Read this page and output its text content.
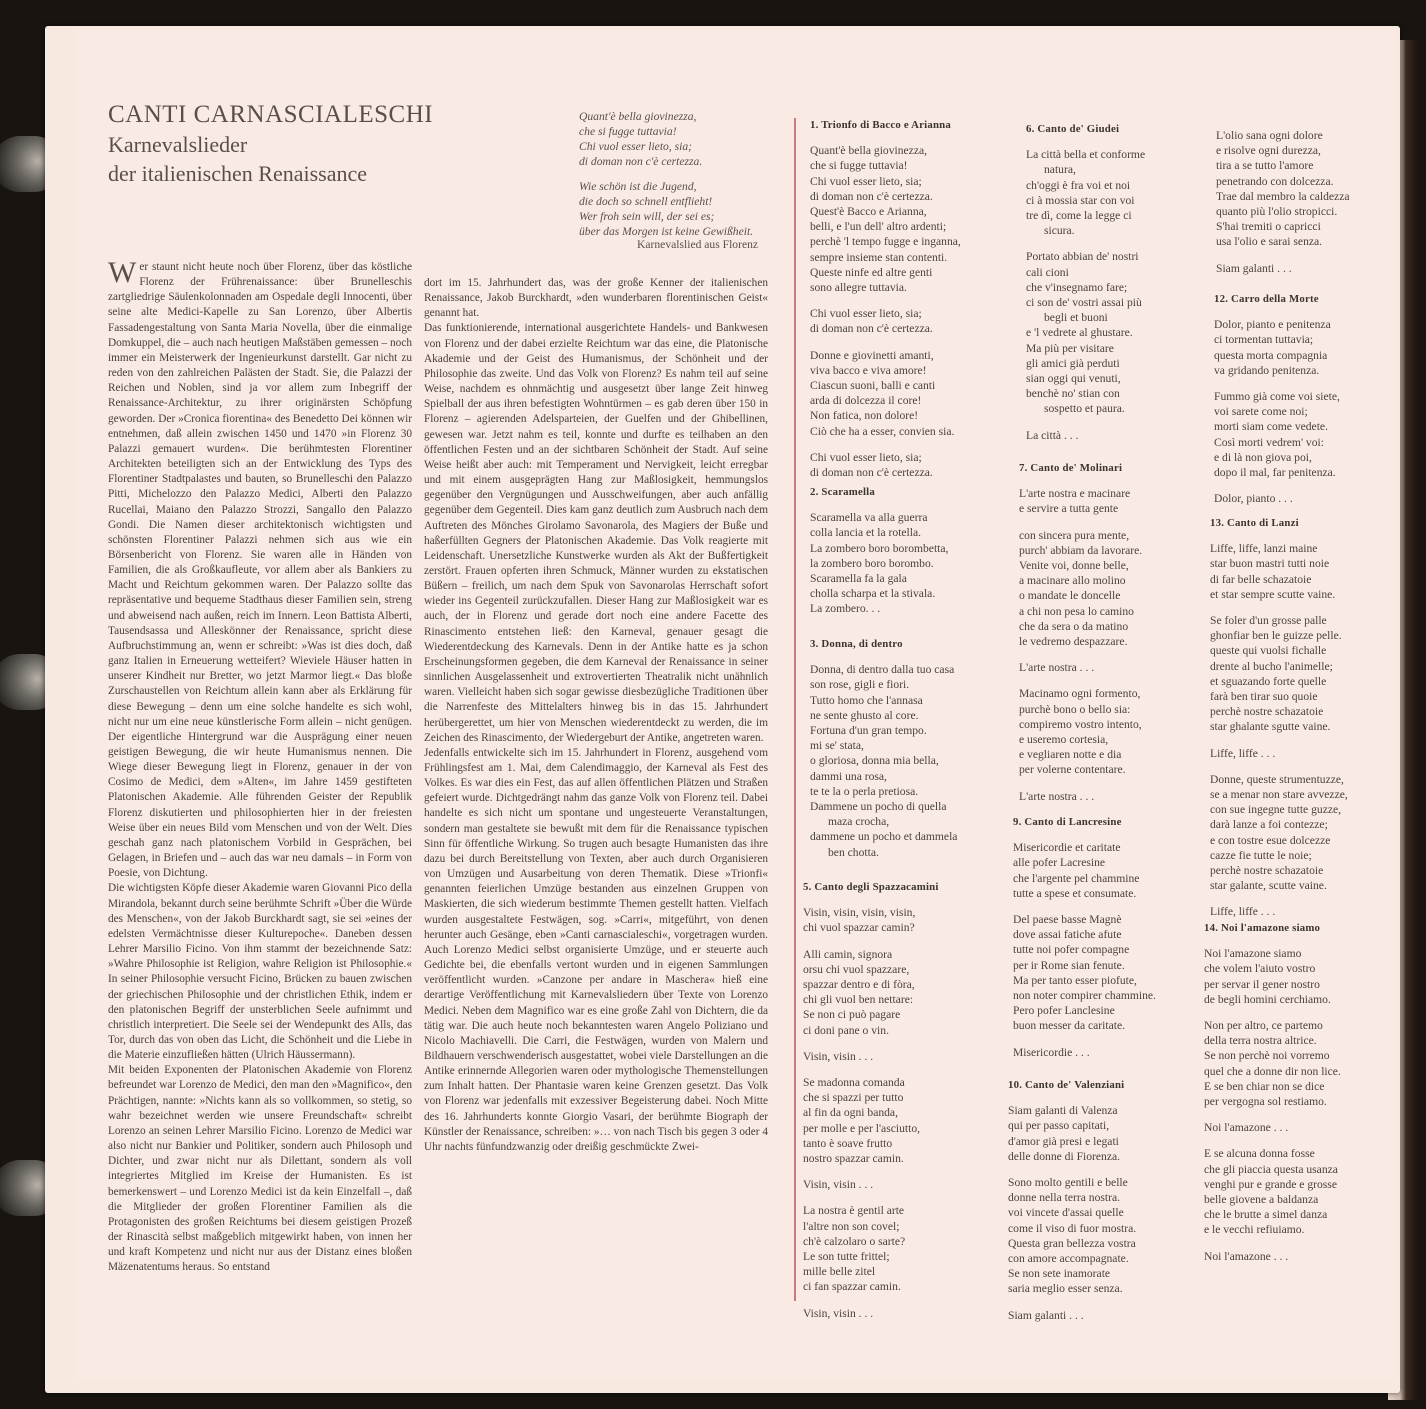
CANTI CARNASCIALESCHI
Karnevalslieder
der italienischen Renaissance
Quant'è bella giovinezza,
che si fugge tuttavia!
Chi vuol esser lieto, sia;
di doman non c'è certezza.
Wie schön ist die Jugend,
die doch so schnell entflieht!
Wer froh sein will, der sei es;
über das Morgen ist keine Gewißheit.
Karnevalslied aus Florenz

Wer staunt nicht heute noch über Florenz, über das köstliche Florenz der Frührenaissance: über Brunelleschis zartgliedrige Säulenkolonnaden am Ospedale degli Innocenti, über seine alte Medici-Kapelle zu San Lorenzo, über Albertis Fassadengestaltung von Santa Maria Novella, über die einmalige Domkuppel, die – auch nach heutigen Maßstäben gemessen – noch immer ein Meisterwerk der Ingenieurkunst darstellt. Gar nicht zu reden von den zahlreichen Palästen der Stadt. Sie, die Palazzi der Reichen und Noblen, sind ja vor allem zum Inbegriff der Renaissance-Architektur, zu ihrer originärsten Schöpfung geworden. Der »Cronica fiorentina« des Benedetto Dei können wir entnehmen, daß allein zwischen 1450 und 1470 »in Florenz 30 Palazzi gemauert wurden«. Die berühmtesten Florentiner Architekten beteiligten sich an der Entwicklung des Typs des Florentiner Stadtpalastes und bauten, so Brunelleschi den Palazzo Pitti, Michelozzo den Palazzo Medici, Alberti den Palazzo Rucellai, Maiano den Palazzo Strozzi, Sangallo den Palazzo Gondi. Die Namen dieser architektonisch wichtigsten und schönsten Florentiner Palazzi nehmen sich aus wie ein Börsenbericht von Florenz. Sie waren alle in Händen von Familien, die als Großkaufleute, vor allem aber als Bankiers zu Macht und Reichtum gekommen waren. Der Palazzo sollte das repräsentative und bequeme Stadthaus dieser Familien sein, streng und abweisend nach außen, reich im Innern. Leon Battista Alberti, Tausendsassa und Alleskönner der Renaissance, spricht diese Aufbruchstimmung an, wenn er schreibt: »Was ist dies doch, daß ganz Italien in Erneuerung wetteifert? Wieviele Häuser hatten in unserer Kindheit nur Bretter, wo jetzt Marmor liegt.« Das bloße Zurschaustellen von Reichtum allein kann aber als Erklärung für diese Bewegung – denn um eine solche handelte es sich wohl, nicht nur um eine neue künstlerische Form allein – nicht genügen. Der eigentliche Hintergrund war die Ausprägung einer neuen geistigen Bewegung, die wir heute Humanismus nennen. Die Wiege dieser Bewegung liegt in Florenz, genauer in der von Cosimo de Medici, dem »Alten«, im Jahre 1459 gestifteten Platonischen Akademie. Alle führenden Geister der Republik Florenz diskutierten und philosophierten hier in der freiesten Weise über ein neues Bild vom Menschen und von der Welt. Dies geschah ganz nach platonischem Vorbild in Gesprächen, bei Gelagen, in Briefen und – auch das war neu damals – in Form von Poesie, von Dichtung.

Die wichtigsten Köpfe dieser Akademie waren Giovanni Pico della Mirandola, bekannt durch seine berühmte Schrift »Über die Würde des Menschen«, von der Jakob Burckhardt sagt, sie sei »eines der edelsten Vermächtnisse dieser Kulturepoche«. Daneben dessen Lehrer Marsilio Ficino. Von ihm stammt der bezeichnende Satz: »Wahre Philosophie ist Religion, wahre Religion ist Philosophie.« In seiner Philosophie versucht Ficino, Brücken zu bauen zwischen der griechischen Philosophie und der christlichen Ethik, indem er den platonischen Begriff der unsterblichen Seele aufnimmt und christlich interpretiert. Die Seele sei der Wendepunkt des Alls, das Tor, durch das von oben das Licht, die Schönheit und die Liebe in die Materie einzufließen hätten (Ulrich Häussermann).

Mit beiden Exponenten der Platonischen Akademie von Florenz befreundet war Lorenzo de Medici, den man den »Magnifico«, den Prächtigen, nannte: »Nichts kann als so vollkommen, so stetig, so wahr bezeichnet werden wie unsere Freundschaft« schreibt Lorenzo an seinen Lehrer Marsilio Ficino. Lorenzo de Medici war also nicht nur Bankier und Politiker, sondern auch Philosoph und Dichter, und zwar nicht nur als Dilettant, sondern als voll integriertes Mitglied im Kreise der Humanisten. Es ist bemerkenswert – und Lorenzo Medici ist da kein Einzelfall –, daß die Mitglieder der großen Florentiner Familien als die Protagonisten des großen Reichtums bei diesem geistigen Prozeß der Rinascità selbst maßgeblich mitgewirkt haben, von innen her und kraft Kompetenz und nicht nur aus der Distanz eines bloßen Mäzenatentums heraus. So entstand

dort im 15. Jahrhundert das, was der große Kenner der italienischen Renaissance, Jakob Burckhardt, »den wunderbaren florentinischen Geist« genannt hat.

Das funktionierende, international ausgerichtete Handels- und Bankwesen von Florenz und der dabei erzielte Reichtum war das eine, die Platonische Akademie und der Geist des Humanismus, der Schönheit und der Philosophie das zweite. Und das Volk von Florenz? Es nahm teil auf seine Weise, nachdem es ohnmächtig und ausgesetzt über lange Zeit hinweg Spielball der aus ihren befestigten Wohntürmen – es gab deren über 150 in Florenz – agierenden Adelsparteien, der Guelfen und der Ghibellinen, gewesen war. Jetzt nahm es teil, konnte und durfte es teilhaben an den öffentlichen Festen und an der sichtbaren Schönheit der Stadt. Auf seine Weise heißt aber auch: mit Temperament und Nervigkeit, leicht erregbar und mit einem ausgeprägten Hang zur Maßlosigkeit, hemmungslos gegenüber den Vergnügungen und Ausschweifungen, aber auch anfällig gegenüber dem Gegenteil. Dies kam ganz deutlich zum Ausbruch nach dem Auftreten des Mönches Girolamo Savonarola, des Magiers der Buße und haßerfüllten Gegners der Platonischen Akademie. Das Volk reagierte mit Leidenschaft. Unersetzliche Kunstwerke wurden als Akt der Bußfertigkeit zerstört. Frauen opferten ihren Schmuck, Männer wurden zu ekstatischen Büßern – freilich, um nach dem Spuk von Savonarolas Herrschaft sofort wieder ins Gegenteil zurückzufallen. Dieser Hang zur Maßlosigkeit war es auch, der in Florenz und gerade dort noch eine andere Facette des Rinascimento entstehen ließ: den Karneval, genauer gesagt die Wiederentdeckung des Karnevals. Denn in der Antike hatte es ja schon Erscheinungsformen gegeben, die dem Karneval der Renaissance in seiner sinnlichen Ausgelassenheit und extrovertierten Theatralik nicht unähnlich waren. Vielleicht haben sich sogar gewisse diesbezügliche Traditionen über die Narrenfeste des Mittelalters hinweg bis in das 15. Jahrhundert herübergerettet, um hier von Menschen wiederentdeckt zu werden, die im Zeichen des Rinascimento, der Wiedergeburt der Antike, angetreten waren.

Jedenfalls entwickelte sich im 15. Jahrhundert in Florenz, ausgehend vom Frühlingsfest am 1. Mai, dem Calendimaggio, der Karneval als Fest des Volkes. Es war dies ein Fest, das auf allen öffentlichen Plätzen und Straßen gefeiert wurde. Dichtgedrängt nahm das ganze Volk von Florenz teil. Dabei handelte es sich nicht um spontane und ungesteuerte Veranstaltungen, sondern man gestaltete sie bewußt mit dem für die Renaissance typischen Sinn für öffentliche Wirkung. So trugen auch besagte Humanisten das ihre dazu bei durch Bereitstellung von Texten, aber auch durch Organisieren von Umzügen und Ausarbeitung von deren Thematik. Diese »Trionfi« genannten feierlichen Umzüge bestanden aus einzelnen Gruppen von Maskierten, die sich wiederum bestimmte Themen gestellt hatten. Vielfach wurden ausgestaltete Festwägen, sog. »Carri«, mitgeführt, von denen herunter auch Gesänge, eben »Canti carnascialeschi«, vorgetragen wurden. Auch Lorenzo Medici selbst organisierte Umzüge, und er steuerte auch Gedichte bei, die ebenfalls vertont wurden und in eigenen Sammlungen veröffentlicht wurden. »Canzone per andare in Maschera« hieß eine derartige Veröffentlichung mit Karnevalsliedern über Texte von Lorenzo Medici. Neben dem Magnifico war es eine große Zahl von Dichtern, die da tätig war. Die auch heute noch bekanntesten waren Angelo Poliziano und Nicolo Machiavelli. Die Carri, die Festwägen, wurden von Malern und Bildhauern verschwenderisch ausgestattet, wobei viele Darstellungen an die Antike erinnernde Allegorien waren oder mythologische Themenstellungen zum Inhalt hatten. Der Phantasie waren keine Grenzen gesetzt. Das Volk von Florenz war jedenfalls mit exzessiver Begeisterung dabei. Noch Mitte des 16. Jahrhunderts konnte Giorgio Vasari, der berühmte Biograph der Künstler der Renaissance, schreiben: »… von nach Tisch bis gegen 3 oder 4 Uhr nachts fünfundzwanzig oder dreißig geschmückte Zwei-

1. Trionfo di Bacco e Arianna
Quant'è bella giovinezza,
che si fugge tuttavia!
Chi vuol esser lieto, sia;
di doman non c'è certezza.
Quest'è Bacco e Arianna,
belli, e l'un dell' altro ardenti;
perchè 'l tempo fugge e inganna,
sempre insieme stan contenti.
Queste ninfe ed altre genti
sono allegre tuttavia.
Chi vuol esser lieto, sia;
di doman non c'è certezza.
Donne e giovinetti amanti,
viva bacco e viva amore!
Ciascun suoni, balli e canti
arda di dolcezza il core!
Non fatica, non dolore!
Ciò che ha a esser, convien sia.
Chi vuol esser lieto, sia;
di doman non c'è certezza.
2. Scaramella
Scaramella va alla guerra
colla lancia et la rotella.
La zombero boro borombetta,
la zombero boro borombo.
Scaramella fa la gala
cholla scharpa et la stivala.
La zombero. . .
3. Donna, di dentro
Donna, di dentro dalla tuo casa
son rose, gigli e fiori.
Tutto homo che l'annasa
ne sente ghusto al core.
Fortuna d'un gran tempo.
mi se' stata,
o gloriosa, donna mia bella,
dammi una rosa,
te te la o perla pretiosa.
Dammene un pocho di quella
maza crocha,
dammene un pocho et dammela
ben chotta.
5. Canto degli Spazzacamini
Visin, visin, visin, visin,
chi vuol spazzar camin?
Alli camin, signora
orsu chi vuol spazzare,
spazzar dentro e di fòra,
chi gli vuol ben nettare:
Se non ci può pagare
ci doni pane o vin.
Visin, visin . . .
Se madonna comanda
che si spazzi per tutto
al fin da ogni banda,
per molle e per l'asciutto,
tanto è soave frutto
nostro spazzar camin.
Visin, visin . . .
La nostra è gentil arte
l'altre non son covel;
ch'è calzolaro o sarte?
Le son tutte frittel;
mille belle zitel
ci fan spazzar camin.
Visin, visin . . .
6. Canto de' Giudei
La città bella et conforme
natura,
ch'oggi è fra voi et noi
ci à mossia star con voi
tre dì, come la legge ci
sicura.
Portato abbian de' nostri
cali cioni
che v'insegnamo fare;
ci son de' vostri assai più
begli et buoni
e 'l vedrete al ghustare.
Ma più per visitare
gli amici già perduti
sian oggi qui venuti,
benchè no' stian con
sospetto et paura.
La città . . .
7. Canto de' Molinari
L'arte nostra e macinare
e servire a tutta gente
con sincera pura mente,
purch' abbiam da lavorare.
Venite voi, donne belle,
a macinare allo molino
o mandate le doncelle
a chi non pesa lo camino
che da sera o da matino
le vedremo despazzare.
L'arte nostra . . .
Macinamo ogni formento,
purchè bono o bello sia:
compiremo vostro intento,
e useremo cortesia,
e vegliaren notte e dia
per volerne contentare.
L'arte nostra . . .
9. Canto di Lancresine
Misericordie et caritate
alle pofer Lacresine
che l'argente pel chammine
tutte a spese et consumate.
Del paese basse Magnè
dove assai fatiche afute
tutte noi pofer compagne
per ir Rome sian fenute.
Ma per tanto esser piofute,
non noter compirer chammine.
Pero pofer Lanclesine
buon messer da caritate.
Misericordie . . .
10. Canto de' Valenziani
Siam galanti di Valenza
qui per passo capitati,
d'amor già presi e legati
delle donne di Fiorenza.
Sono molto gentili e belle
donne nella terra nostra.
voi vincete d'assai quelle
come il viso di fuor mostra.
Questa gran bellezza vostra
con amore accompagnate.
Se non sete inamorate
saria meglio esser senza.
Siam galanti . . .
L'olio sana ogni dolore
e risolve ogni durezza,
tira a se tutto l'amore
penetrando con dolcezza.
Trae dal membro la caldezza
quanto più l'olio stropicci.
S'hai tremiti o capricci
usa l'olio e sarai senza.
Siam galanti . . .
12. Carro della Morte
Dolor, pianto e penitenza
ci tormentan tuttavia;
questa morta compagnia
va gridando penitenza.
Fummo già come voi siete,
voi sarete come noi;
morti siam come vedete.
Così morti vedrem' voi:
e di là non giova poi,
dopo il mal, far penitenza.
Dolor, pianto . . .
13. Canto di Lanzi
Liffe, liffe, lanzi maine
star buon mastri tutti noie
di far belle schazatoie
et star sempre scutte vaine.
Se foler d'un grosse palle
ghonfiar ben le guizze pelle.
queste qui vuolsi fichalle
drente al bucho l'animelle;
et sguazando forte quelle
farà ben tirar suo quoie
perchè nostre schazatoie
star ghalante sgutte vaine.
Liffe, liffe . . .
Donne, queste strumentuzze,
se a menar non stare avvezze,
con sue ingegne tutte guzze,
darà lanze a foi contezze;
e con tostre esue dolcezze
cazze fie tutte le noie;
perchè nostre schazatoie
star galante, scutte vaine.
Liffe, liffe . . .
14. Noi l'amazone siamo
Noi l'amazone siamo
che volem l'aiuto vostro
per servar il gener nostro
de begli homini cerchiamo.
Non per altro, ce partemo
della terra nostra altrice.
Se non perchè noi vorremo
quel che a donne dir non lice.
E se ben chiar non se dice
per vergogna sol restiamo.
Noi l'amazone . . .
E se alcuna donna fosse
che gli piaccia questa usanza
venghi pur e grande e grosse
belle giovene a baldanza
che le brutte a simel danza
e le vecchi refiuiamo.
Noi l'amazone . . .
